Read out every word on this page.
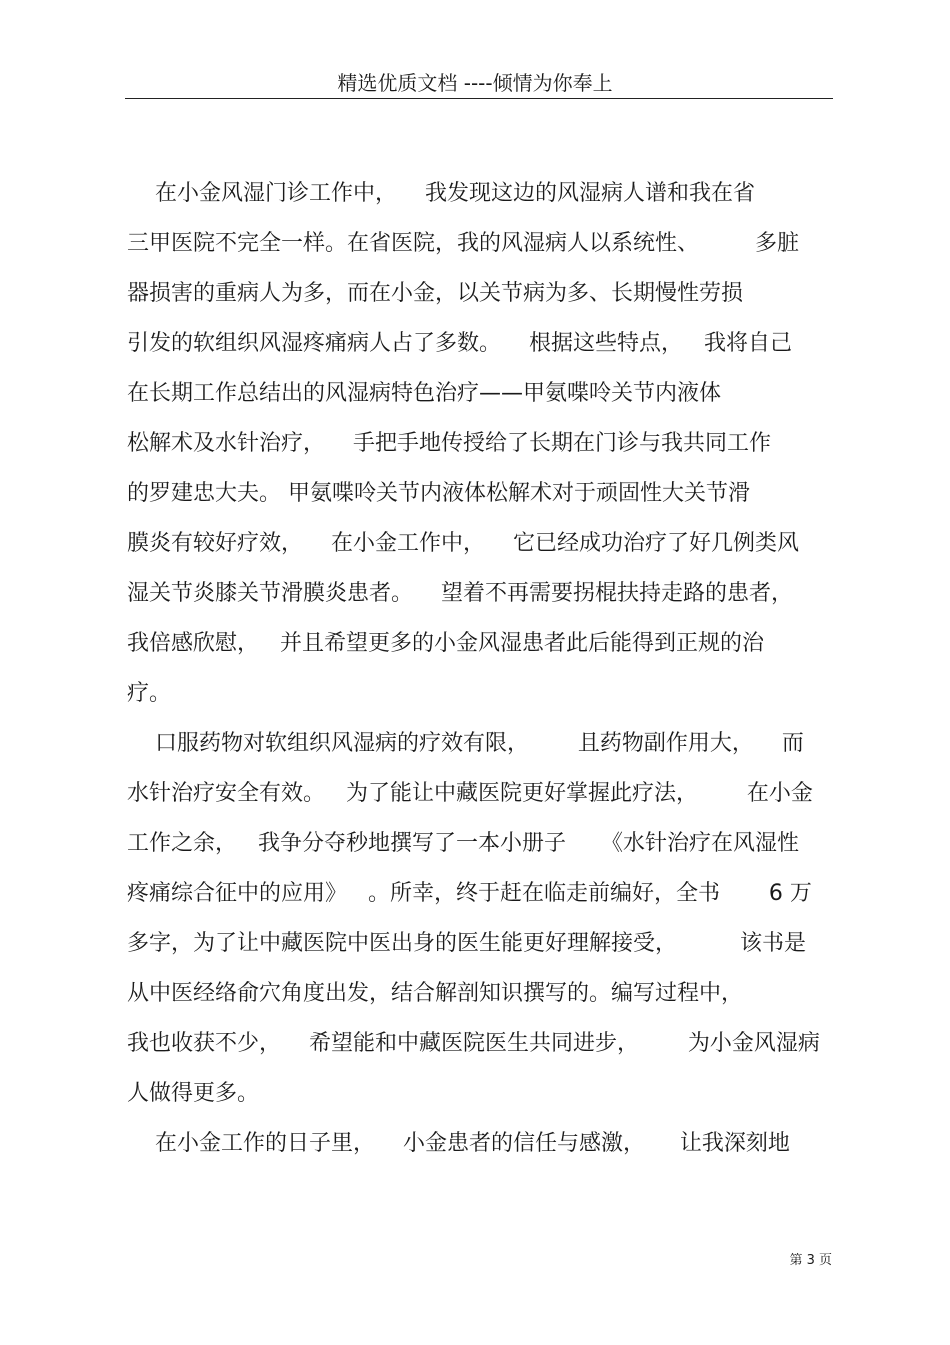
精选优质文档 ----倾情为你奉上
在小金风湿门诊工作中，    我发现这边的风湿病人谱和我在省
三甲医院不完全一样。在省医院，我的风湿病人以系统性、        多脏
器损害的重病人为多，而在小金，以关节病为多、长期慢性劳损
引发的软组织风湿疼痛病人占了多数。    根据这些特点，   我将自己
在长期工作总结出的风湿病特色治疗——甲氨喋呤关节内液体
松解术及水针治疗，    手把手地传授给了长期在门诊与我共同工作
的罗建忠大夫。 甲氨喋呤关节内液体松解术对于顽固性大关节滑
膜炎有较好疗效，    在小金工作中，    它已经成功治疗了好几例类风
湿关节炎膝关节滑膜炎患者。    望着不再需要拐棍扶持走路的患者，
我倍感欣慰，   并且希望更多的小金风湿患者此后能得到正规的治
疗。
口服药物对软组织风湿病的疗效有限，       且药物副作用大，    而
水针治疗安全有效。   为了能让中藏医院更好掌握此疗法，       在小金
工作之余，   我争分夺秒地撰写了一本小册子     《水针治疗在风湿性
疼痛综合征中的应用》   。所幸，终于赶在临走前编好，全书       6 万
多字，为了让中藏医院中医出身的医生能更好理解接受，         该书是
从中医经络俞穴角度出发，结合解剖知识撰写的。编写过程中，
我也收获不少，    希望能和中藏医院医生共同进步，       为小金风湿病
人做得更多。
在小金工作的日子里，    小金患者的信任与感激，     让我深刻地
第 3 页
